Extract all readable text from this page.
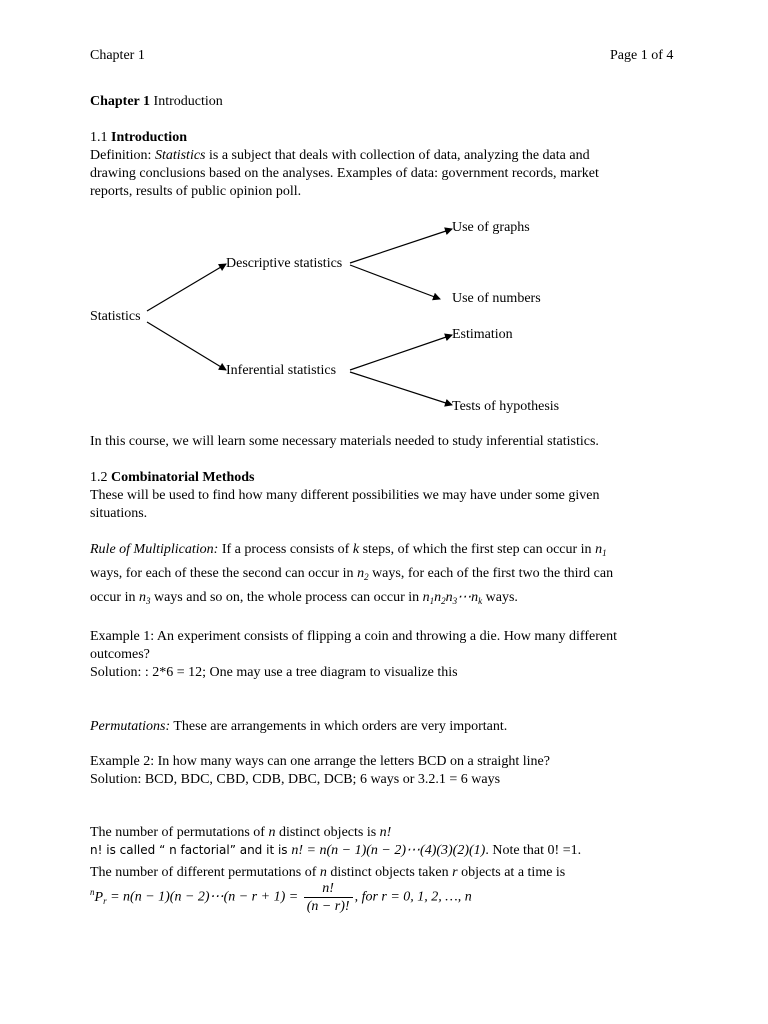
Chapter 1	Page 1 of 4
Chapter 1 Introduction
1.1 Introduction
Definition: Statistics is a subject that deals with collection of data, analyzing the data and
drawing conclusions based on the analyses. Examples of data: government records, market
reports, results of public opinion poll.
Statistics
Descriptive statistics
Inferential statistics
Use of graphs
Use of numbers
Estimation
Tests of hypothesis
In this course, we will learn some necessary materials needed to study inferential statistics.
1.2 Combinatorial Methods
These will be used to find how many different possibilities we may have under some given
situations.
Rule of Multiplication: If a process consists of k steps, of which the first step can occur in $n_1$
ways, for each of these the second can occur in $n_2$ ways, for each of the first two the third can
occur in $n_3$ ways and so on, the whole process can occur in $n_1n_2n_3\cdots n_k$ ways.
Example 1: An experiment consists of flipping a coin and throwing a die. How many different
outcomes?
Solution: : 2*6 = 12; One may use a tree diagram to visualize this
Permutations: These are arrangements in which orders are very important.
Example 2: In how many ways can one arrange the letters BCD on a straight line?
Solution: BCD, BDC, CBD, CDB, DBC, DCB; 6 ways or 3.2.1 = 6 ways
The number of permutations of n distinct objects is n!
n! is called “ n factorial” and it is n! = n(n − 1)(n − 2)⋯(4)(3)(2)(1). Note that 0! =1.
The number of different permutations of n distinct objects taken r objects at a time is
$^nP_r = n(n - 1)(n$ − 2)⋯(n − $r + 1) = \frac{n!}{(n - r)!}$ , for r = 0, 1, 2, …, n
